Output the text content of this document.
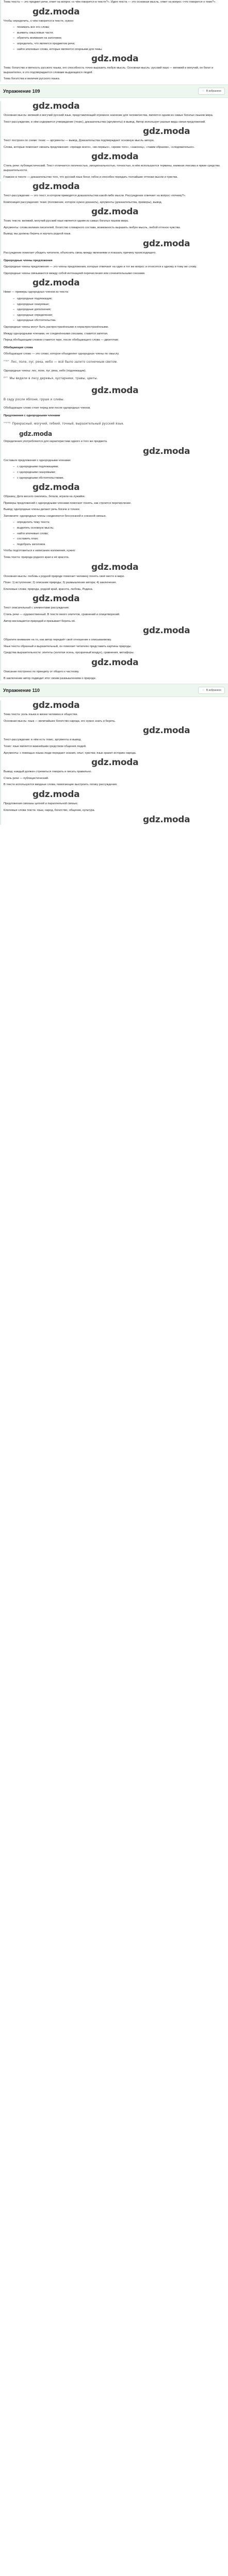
Тема текста — это предмет речи, ответ на вопрос «о чём говорится в тексте?». Идея текста — это основная мысль, ответ на вопрос «что говорится о теме?».

gdz.moda

Чтобы определить, о чём говорится в тексте, нужно:

– понимать все его слова;
– выявить смысловые части;
– обратить внимание на заголовок;
– определить, что является предметом речи;
– найти ключевые слова, которые являются опорными для темы.
gdz.moda

Тема: богатство и меткость русского языка, его способность точно выразить любую мысль. Основная мысль: русский язык — великий и могучий, он богат и выразителен, и это подтверждается словами выдающихся людей.

Тема богатства и величия русского языка.

Упражнение 109	☆ В избранное
gdz.moda

Основная мысль: великий и могучий русский язык, представляющий огромное значение для человечества, является одним из самых богатых языков мира.

Текст-рассуждение, в нём содержится утверждение (тезис), доказательства (аргументы) и вывод. Автор использует разные виды связи предложений.

gdz.moda

Текст построен по схеме: тезис — аргументы — вывод. Доказательства подтверждают основную мысль автора.

Слова, которые помогают связать предложения: «прежде всего», «во-первых», «кроме того», «наконец», «таким образом», «следовательно».

gdz.moda

Стиль речи: публицистический. Текст отличается логичностью, эмоциональностью, точностью, в нём используются термины, книжная лексика и яркие средства выразительности.

Главное в тексте — доказательство того, что русский язык богат, гибок и способен передать тончайшие оттенки мысли и чувства.

gdz.moda

Текст-рассуждение — это текст, в котором приводятся доказательства какой-либо мысли. Рассуждение отвечает на вопрос «почему?».

Композиция рассуждения: тезис (положение, которое нужно доказать), аргументы (доказательства, примеры), вывод.

gdz.moda

Тезис текста: великий, могучий русский язык является одним из самых богатых языков мира.

Аргументы: слова великих писателей, богатство словарного состава, возможность выразить любую мысль, любой оттенок чувства.

Вывод: мы должны беречь и изучать родной язык.

gdz.moda

Рассуждение помогает убедить читателя, объяснить связь между явлениями и показать причину происходящего.

Однородные члены предложения

Однородные члены предложения — это члены предложения, которые отвечают на один и тот же вопрос и относятся к одному и тому же слову.

Однородные члены связываются между собой интонацией перечисления или сочинительными союзами.

gdz.moda

Ниже — примеры однородных членов из текста:

– однородные подлежащие;
– однородные сказуемые;
– однородные дополнения;
– однородные определения;
– однородные обстоятельства.

Однородные члены могут быть распространёнными и нераспространёнными.

Между однородными членами, не соединёнными союзами, ставится запятая.

Перед обобщающим словом ставится тире, после обобщающего слова — двоеточие.

Обобщающие слова

Обобщающее слово — это слово, которое объединяет однородные члены по смыслу.

$^{подл.}$ Лес, поле, луг, река, небо — всё было залито солнечным светом.

Однородные члены: лес, поле, луг, река, небо (подлежащие).

$^{доп.}$ Мы видели в лесу деревья, кустарники, травы, цветы.
gdz.moda
В саду росли яблони, груши и сливы.

Обобщающее слово стоит перед или после однородных членов.

Предложения с однородными членами
$^{опред.}$ Прекрасный, могучий, гибкий, точный, выразительный русский язык.
gdz.moda

Определения употребляются для характеристики одного и того же предмета.

gdz.moda

Составьте предложения с однородными членами:

– с однородными подлежащими;
– с однородными сказуемыми;
– с однородными обстоятельствами.
gdz.moda

Образец: Дети весело смеялись, бегали, играли на лужайке.

Примеры предложений с однородными членами помогают понять, как строится перечисление.

Вывод: однородные члены делают речь богаче и точнее.

Запомните: однородные члены соединяются бессоюзной и союзной связью.

– определить тему текста;
– выделить основную мысль;
– найти ключевые слова;
– составить план;
– подобрать заголовок.

Чтобы подготовиться к написанию изложения, нужно:

Тема текста: природа родного края и её красота.

gdz.moda

Основная мысль: любовь к родной природе помогает человеку понять своё место в мире.

План: 1) вступление; 2) описание природы; 3) размышление автора; 4) заключение.

Ключевые слова: природа, родной край, красота, любовь, Родина.

gdz.moda

Текст описательный с элементами рассуждения.

Стиль речи — художественный. В тексте много эпитетов, сравнений и олицетворений.

Автор восхищается природой и призывает беречь её.

gdz.moda

Обратите внимание на то, как автор передаёт своё отношение к описываемому.

Язык текста образный и выразительный, он помогает читателю представить картины природы.

Средства выразительности: эпитеты (золотая осень, прозрачный воздух), сравнения, метафоры.

gdz.moda

Описание построено по принципу от общего к частному.

В заключении автор подводит итог своим размышлениям о природе.

Упражнение 110	☆ В избранное
gdz.moda

Тема текста: роль языка в жизни человека и общества.

Основная мысль: язык — величайшее богатство народа, его нужно знать и беречь.

gdz.moda

Текст-рассуждение: в нём есть тезис, аргументы и вывод.

Тезис: язык является важнейшим средством общения людей.

Аргументы: с помощью языка люди передают знания, опыт, чувства; язык хранит историю народа.

gdz.moda

Вывод: каждый должен стремиться говорить и писать правильно.

Стиль речи — публицистический.

В тексте используются вводные слова, помогающие выстроить логику рассуждения.

gdz.moda

Предложения связаны цепной и параллельной связью.

Ключевые слова текста: язык, народ, богатство, общение, культура.

gdz.moda
